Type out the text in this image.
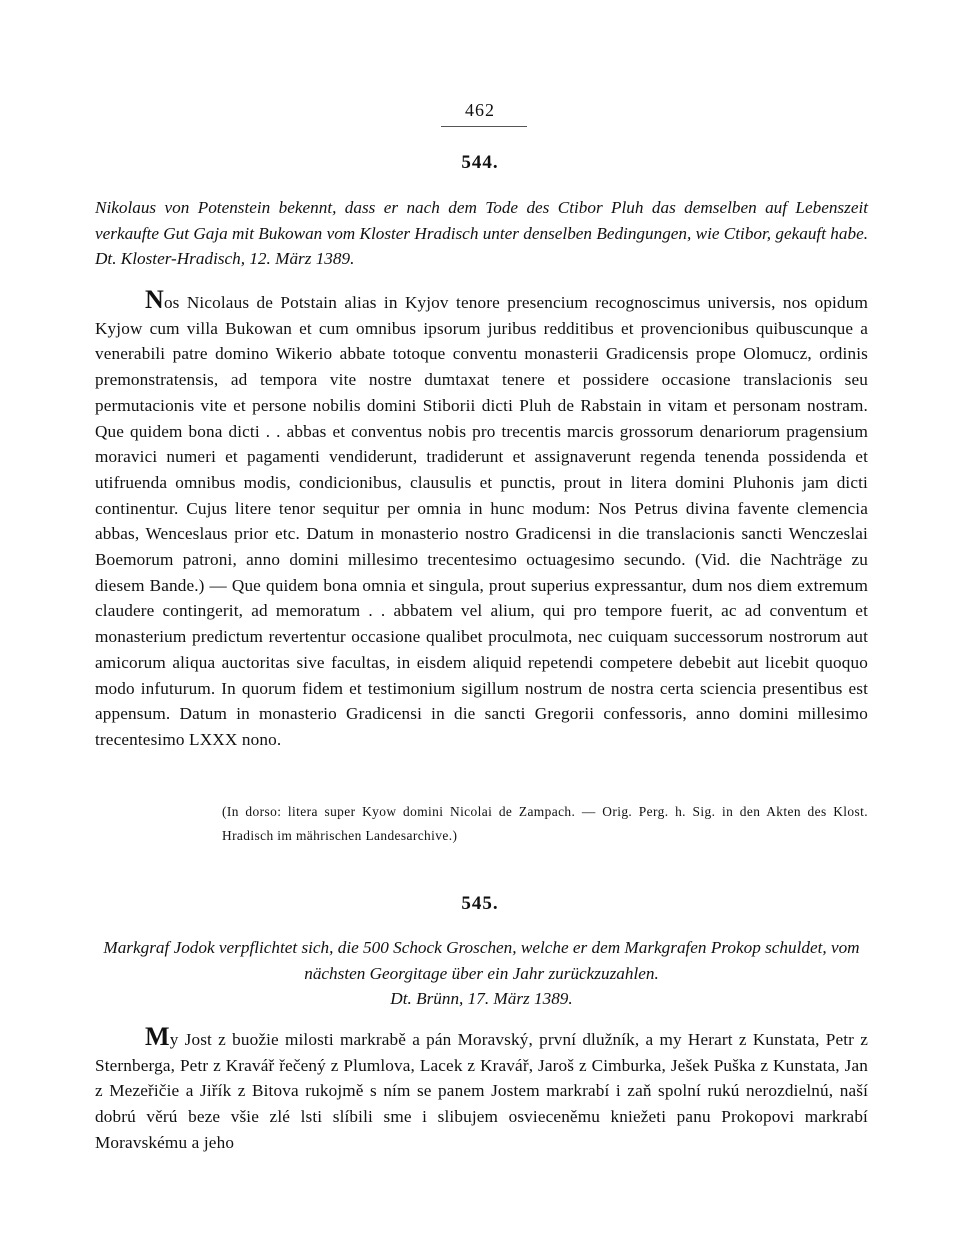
462
544.
Nikolaus von Potenstein bekennt, dass er nach dem Tode des Ctibor Pluh das demselben auf Lebenszeit verkaufte Gut Gaja mit Bukowan vom Kloster Hradisch unter denselben Bedingungen, wie Ctibor, gekauft habe. Dt. Kloster-Hradisch, 12. März 1389.
Nos Nicolaus de Potstain alias in Kyjov tenore presencium recognoscimus universis, nos opidum Kyjow cum villa Bukowan et cum omnibus ipsorum juribus redditibus et provencionibus quibuscunque a venerabili patre domino Wikerio abbate totoque conventu monasterii Gradicensis prope Olomucz, ordinis premonstratensis, ad tempora vite nostre dumtaxat tenere et possidere occasione translacionis seu permutacionis vite et persone nobilis domini Stiborii dicti Pluh de Rabstain in vitam et personam nostram. Que quidem bona dicti . . abbas et conventus nobis pro trecentis marcis grossorum denariorum pragensium moravici numeri et pagamenti vendiderunt, tradiderunt et assignaverunt regenda tenenda possidenda et utifruenda omnibus modis, condicionibus, clausulis et punctis, prout in litera domini Pluhonis jam dicti continentur. Cujus litere tenor sequitur per omnia in hunc modum: Nos Petrus divina favente clemencia abbas, Wenceslaus prior etc. Datum in monasterio nostro Gradicensi in die translacionis sancti Wenczeslai Boemorum patroni, anno domini millesimo trecentesimo octuagesimo secundo. (Vid. die Nachträge zu diesem Bande.) — Que quidem bona omnia et singula, prout superius expressantur, dum nos diem extremum claudere contingerit, ad memoratum . . abbatem vel alium, qui pro tempore fuerit, ac ad conventum et monasterium predictum revertentur occasione qualibet proculmota, nec cuiquam successorum nostrorum aut amicorum aliqua auctoritas sive facultas, in eisdem aliquid repetendi competere debebit aut licebit quoquo modo infuturum. In quorum fidem et testimonium sigillum nostrum de nostra certa sciencia presentibus est appensum. Datum in monasterio Gradicensi in die sancti Gregorii confessoris, anno domini millesimo trecentesimo LXXX nono.
(In dorso: litera super Kyow domini Nicolai de Zampach. — Orig. Perg. h. Sig. in den Akten des Klost. Hradisch im mährischen Landesarchive.)
545.
Markgraf Jodok verpflichtet sich, die 500 Schock Groschen, welche er dem Markgrafen Prokop schuldet, vom nächsten Georgitage über ein Jahr zurückzuzahlen.
Dt. Brünn, 17. März 1389.
My Jost z buožie milosti markrabě a pán Moravský, první dlužník, a my Herart z Kunstata, Petr z Sternberga, Petr z Kravář řečený z Plumlova, Lacek z Kravář, Jaroš z Cimburka, Ješek Puška z Kunstata, Jan z Mezeřičie a Jiřík z Bitova rukojmě s ním se panem Jostem markrabí i zaň spolní rukú nerozdielnú, naší dobrú věrú beze všie zlé lsti slíbili sme i slibujem osvieceněmu kniežeti panu Prokopovi markrabí Moravskému a jeho
